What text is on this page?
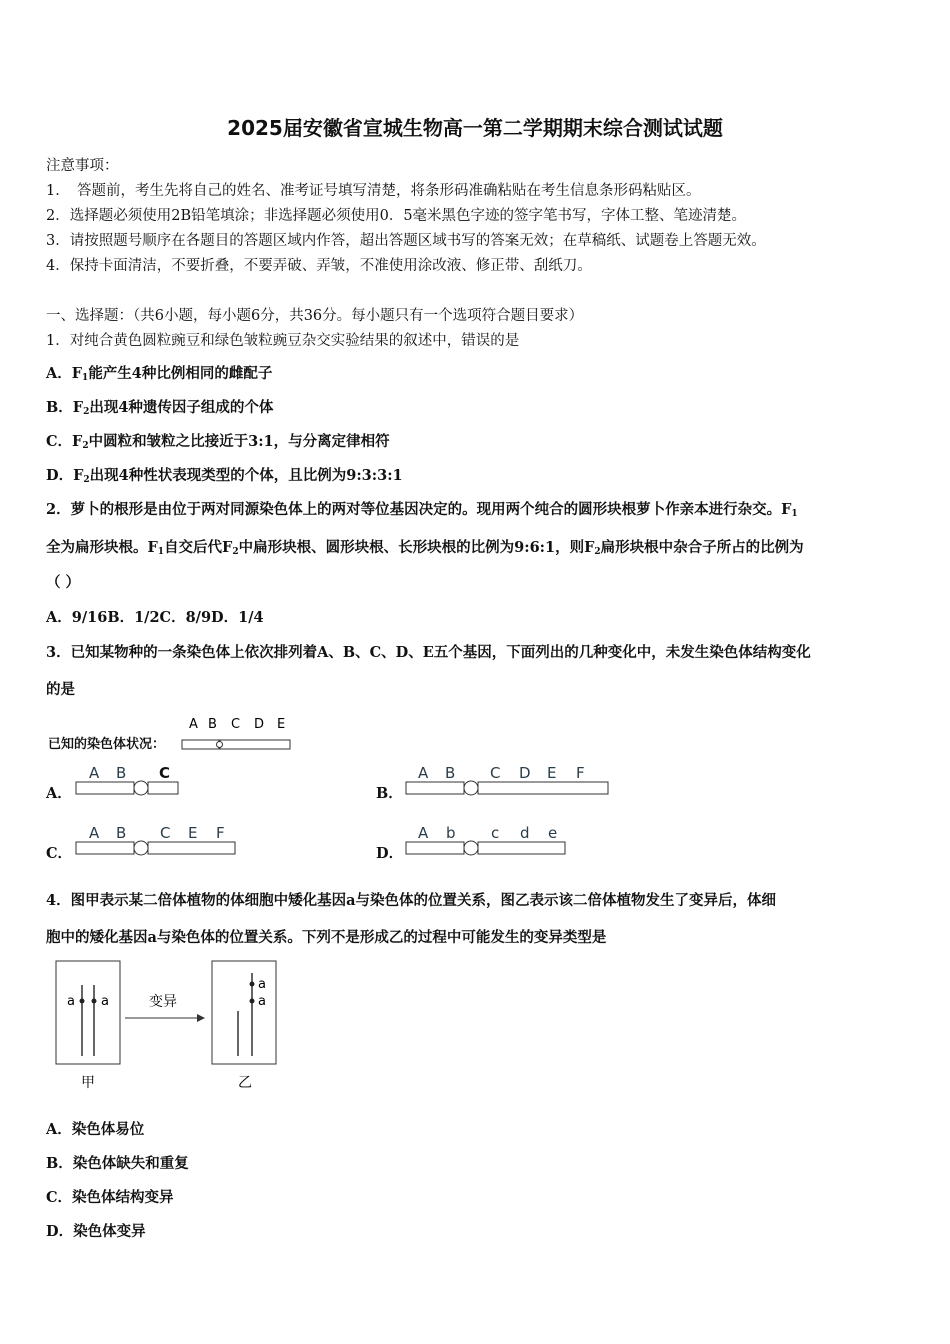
2025届安徽省宣城生物高一第二学期期末综合测试试题
注意事项：
1．　答题前，考生先将自己的姓名、准考证号填写清楚，将条形码准确粘贴在考生信息条形码粘贴区。
2．选择题必须使用2B铅笔填涂；非选择题必须使用0．5毫米黑色字迹的签字笔书写，字体工整、笔迹清楚。
3．请按照题号顺序在各题目的答题区域内作答，超出答题区域书写的答案无效；在草稿纸、试题卷上答题无效。
4．保持卡面清洁，不要折叠，不要弄破、弄皱，不准使用涂改液、修正带、刮纸刀。
一、选择题：（共6小题，每小题6分，共36分。每小题只有一个选项符合题目要求）
1．对纯合黄色圆粒豌豆和绿色皱粒豌豆杂交实验结果的叙述中，错误的是
A．$F_1$能产生4种比例相同的雌配子
B．$F_2$出现4种遗传因子组成的个体
C．$F_2$中圆粒和皱粒之比接近于3:1，与分离定律相符
D．$F_2$出现4种性状表现类型的个体，且比例为9:3:3:1
2．萝卜的根形是由位于两对同源染色体上的两对等位基因决定的。现用两个纯合的圆形块根萝卜作亲本进行杂交。$F_1$
全为扁形块根。$F_1$自交后代$F_2$中扁形块根、圆形块根、长形块根的比例为9:6:1，则$F_2$扁形块根中杂合子所占的比例为
（ ）
A．9/16B．1/2C．8/9D．1/4
3．已知某物种的一条染色体上依次排列着A、B、C、D、E五个基因，下面列出的几种变化中，未发生染色体结构变化
的是
已知的染色体状况：
A B C D E
A．	B．
C．	D．
A B C	A B C D E F
A B C E F	A b c d e
4．图甲表示某二倍体植物的体细胞中矮化基因a与染色体的位置关系，图乙表示该二倍体植物发生了变异后，体细
胞中的矮化基因a与染色体的位置关系。下列不是形成乙的过程中可能发生的变异类型是
a a	变异
a
a
甲	乙
A．染色体易位
B．染色体缺失和重复
C．染色体结构变异
D．染色体变异
